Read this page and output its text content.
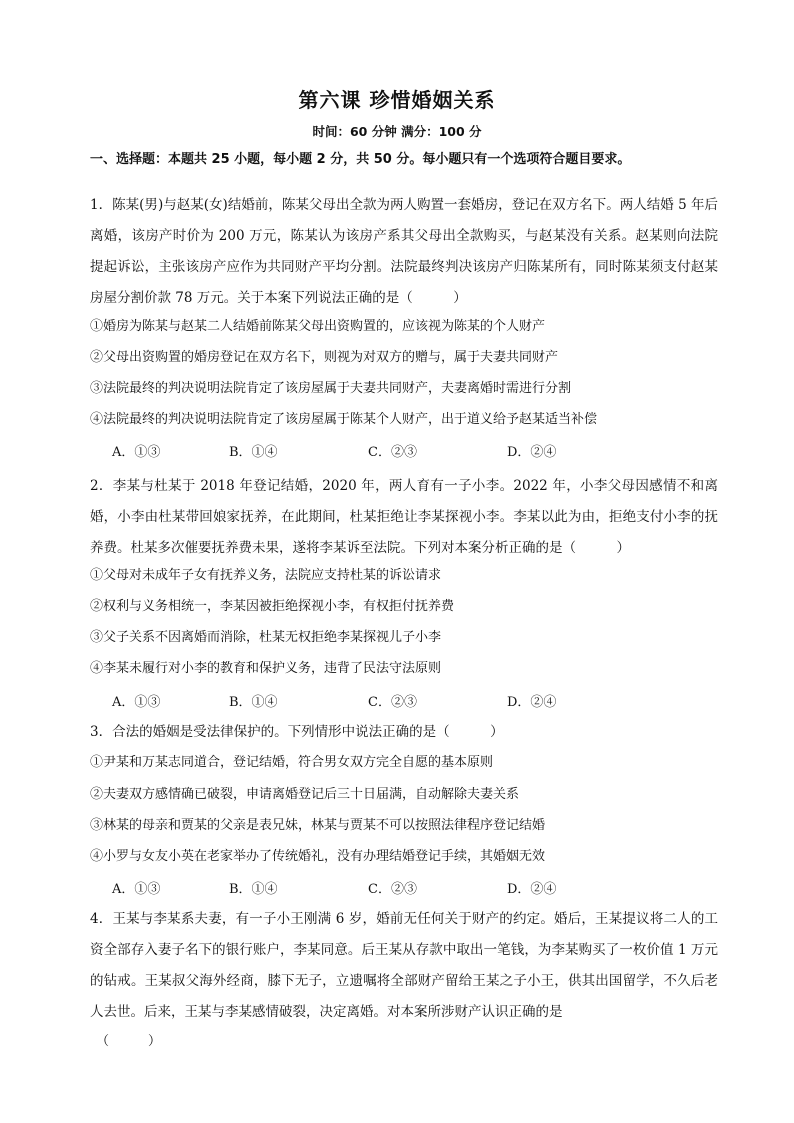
第六课 珍惜婚姻关系
时间：60 分钟 满分：100 分
一、选择题：本题共 25 小题，每小题 2 分，共 50 分。每小题只有一个选项符合题目要求。
1．陈某(男)与赵某(女)结婚前，陈某父母出全款为两人购置一套婚房，登记在双方名下。两人结婚 5 年后离婚，该房产时价为 200 万元，陈某认为该房产系其父母出全款购买，与赵某没有关系。赵某则向法院提起诉讼，主张该房产应作为共同财产平均分割。法院最终判决该房产归陈某所有，同时陈某须支付赵某房屋分割价款 78 万元。关于本案下列说法正确的是（　　　）
①婚房为陈某与赵某二人结婚前陈某父母出资购置的，应该视为陈某的个人财产
②父母出资购置的婚房登记在双方名下，则视为对双方的赠与，属于夫妻共同财产
③法院最终的判决说明法院肯定了该房屋属于夫妻共同财产，夫妻离婚时需进行分割
④法院最终的判决说明法院肯定了该房屋属于陈某个人财产，出于道义给予赵某适当补偿
A．①③	B．①④	C．②③	D．②④
2．李某与杜某于 2018 年登记结婚，2020 年，两人育有一子小李。2022 年，小李父母因感情不和离婚，小李由杜某带回娘家抚养，在此期间，杜某拒绝让李某探视小李。李某以此为由，拒绝支付小李的抚养费。杜某多次催要抚养费未果，遂将李某诉至法院。下列对本案分析正确的是（　　　）
①父母对未成年子女有抚养义务，法院应支持杜某的诉讼请求
②权利与义务相统一，李某因被拒绝探视小李，有权拒付抚养费
③父子关系不因离婚而消除，杜某无权拒绝李某探视儿子小李
④李某未履行对小李的教育和保护义务，违背了民法守法原则
A．①③	B．①④	C．②③	D．②④
3．合法的婚姻是受法律保护的。下列情形中说法正确的是（　　　）
①尹某和万某志同道合，登记结婚，符合男女双方完全自愿的基本原则
②夫妻双方感情确已破裂，申请离婚登记后三十日届满，自动解除夫妻关系
③林某的母亲和贾某的父亲是表兄妹，林某与贾某不可以按照法律程序登记结婚
④小罗与女友小英在老家举办了传统婚礼，没有办理结婚登记手续，其婚姻无效
A．①③	B．①④	C．②③	D．②④
4．王某与李某系夫妻，有一子小王刚满 6 岁，婚前无任何关于财产的约定。婚后，王某提议将二人的工资全部存入妻子名下的银行账户，李某同意。后王某从存款中取出一笔钱，为李某购买了一枚价值 1 万元的钻戒。王某叔父海外经商，膝下无子，立遗嘱将全部财产留给王某之子小王，供其出国留学，不久后老人去世。后来，王某与李某感情破裂，决定离婚。对本案所涉财产认识正确的是
（　　　）
